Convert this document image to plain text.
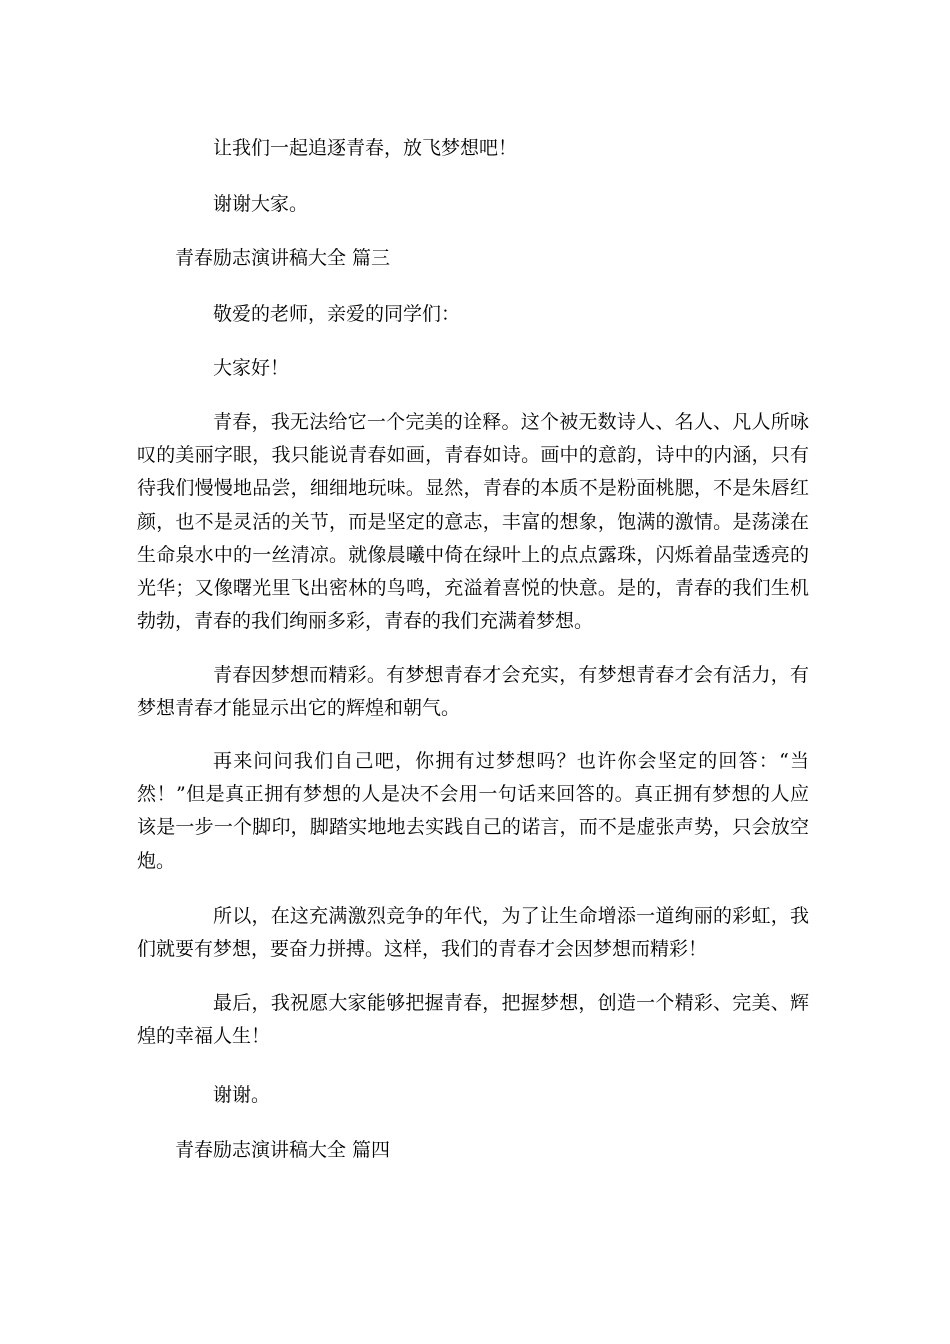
让我们一起追逐青春，放飞梦想吧！
谢谢大家。
青春励志演讲稿大全 篇三
敬爱的老师，亲爱的同学们：
大家好！
青春，我无法给它一个完美的诠释。这个被无数诗人、名人、凡人所咏叹的美丽字眼，我只能说青春如画，青春如诗。画中的意韵，诗中的内涵，只有待我们慢慢地品尝，细细地玩味。显然，青春的本质不是粉面桃腮，不是朱唇红颜，也不是灵活的关节，而是坚定的意志，丰富的想象，饱满的激情。是荡漾在生命泉水中的一丝清凉。就像晨曦中倚在绿叶上的点点露珠，闪烁着晶莹透亮的光华；又像曙光里飞出密林的鸟鸣，充溢着喜悦的快意。是的，青春的我们生机勃勃，青春的我们绚丽多彩，青春的我们充满着梦想。
青春因梦想而精彩。有梦想青春才会充实，有梦想青春才会有活力，有梦想青春才能显示出它的辉煌和朝气。
再来问问我们自己吧，你拥有过梦想吗？也许你会坚定的回答：“当然！”但是真正拥有梦想的人是决不会用一句话来回答的。真正拥有梦想的人应该是一步一个脚印，脚踏实地地去实践自己的诺言，而不是虚张声势，只会放空炮。
所以，在这充满激烈竞争的年代，为了让生命增添一道绚丽的彩虹，我们就要有梦想，要奋力拼搏。这样，我们的青春才会因梦想而精彩！
最后，我祝愿大家能够把握青春，把握梦想，创造一个精彩、完美、辉煌的幸福人生！
谢谢。
青春励志演讲稿大全 篇四
